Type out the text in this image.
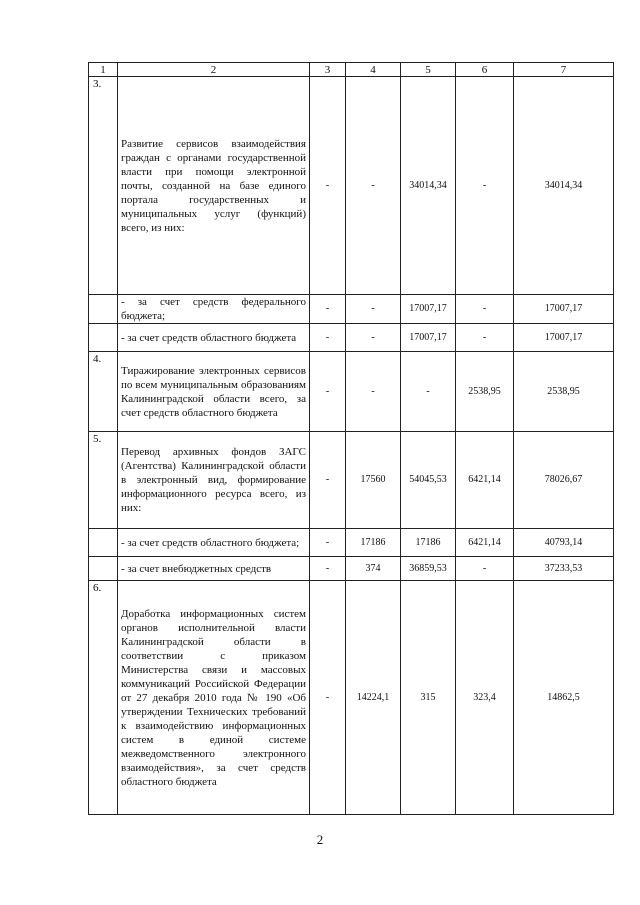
1	2	3	4	5	6	7
3.	Развитие сервисов взаимодействия граждан с органами государственной власти при помощи электронной почты, созданной на базе единого портала государственных и муниципальных услуг (функций) всего, из них:	-	-	34014,34	-	34014,34
	- за счет средств федерального бюджета;	-	-	17007,17	-	17007,17
	- за счет средств областного бюджета	-	-	17007,17	-	17007,17
4.	Тиражирование электронных сервисов по всем муниципальным образованиям Калининградской области всего, за счет средств областного бюджета	-	-	-	2538,95	2538,95
5.	Перевод архивных фондов ЗАГС (Агентства) Калининградской области в электронный вид, формирование информационного ресурса всего, из них:	-	17560	54045,53	6421,14	78026,67
	- за счет средств областного бюджета;	-	17186	17186	6421,14	40793,14
	- за счет внебюджетных средств	-	374	36859,53	-	37233,53
6.	Доработка информационных систем органов исполнительной власти Калининградской области в соответствии с приказом Министерства связи и массовых коммуникаций Российской Федерации от 27 декабря 2010 года № 190 «Об утверждении Технических требований к взаимодействию информационных систем в единой системе межведомственного электронного взаимодействия», за счет средств областного бюджета	-	14224,1	315	323,4	14862,5
2
